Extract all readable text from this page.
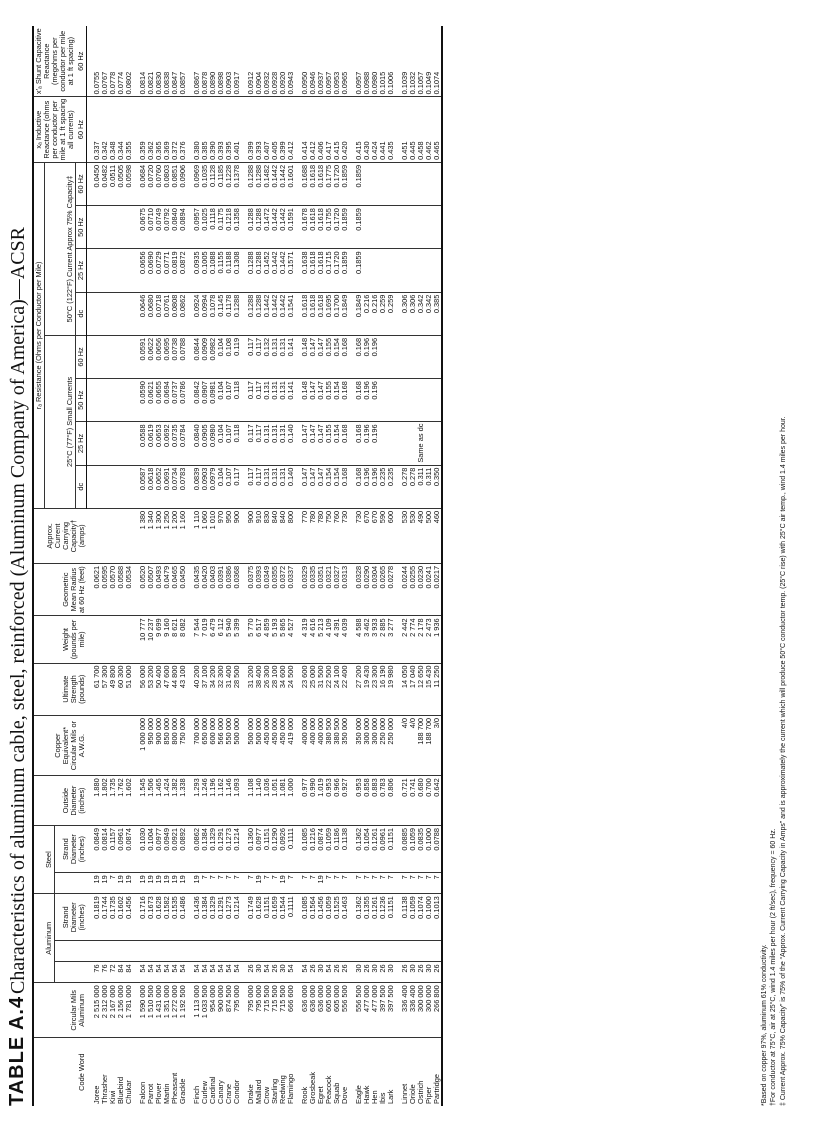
TABLE A.4
Characteristics of aluminum cable, steel, reinforced (Aluminum Company of America)—ACSR
Code Word	Circular Mils Aluminum	Aluminum			Steel		Outside Diameter (inches)	Copper Equivalent* Circular Mils or A.W.G.	Ultimate Strength (pounds)	Weight (pounds per mile)	Geometric Mean Radius at 60 Hz (feet)	Approx. Current Carrying Capacity† (amps)	rₐ Resistance (Ohms per Conductor per Mile)								xₐ Inductive Reactance (ohms per conductor per mile at 1 ft spacing all currents)	x′ₐ Shunt Capacitive Reactance (megohms per conductor per mile at 1 ft spacing)
													25°C (77°F) Small Currents				50°C (122°F) Current Approx 75% Capacity‡					
				Strand Diameter (inches)		Strand Diameter (inches)																
													dc	25 Hz	50 Hz	60 Hz	dc	25 Hz	50 Hz	60 Hz	60 Hz	60 Hz
Joree	2 515 000	76		0.1819	19	0.0849	1.880		61 700		0.0621									0.0450	0.337	0.0755
Thrasher	2 312 000	76		0.1744	19	0.0814	1.802		57 300		0.0595									0.0482	0.342	0.0767
Kiwi	2 167 000	72		0.1735	7	0.1157	1.735		49 800		0.0570									0.0511	0.348	0.0778
Bluebird	2 156 000	84		0.1602	19	0.0961	1.762		60 300		0.0588									0.0505	0.344	0.0774
Chukar	1 781 000	84		0.1456	19	0.0874	1.602		51 000		0.0534									0.0598	0.355	0.0802
Falcon	1 590 000	54		0.1716	19	0.1030	1.545	1 000 000	56 000	10 777	0.0520	1 380	0.0587	0.0588	0.0590	0.0591	0.0646	0.0656	0.0675	0.0684	0.359	0.0814
Parrot	1 510 500	54		0.1673	19	0.1004	1.506	950 000	53 200	10 237	0.0507	1 340	0.0618	0.0619	0.0621	0.0622	0.0680	0.0690	0.0710	0.0720	0.362	0.0821
Plover	1 431 000	54		0.1628	19	0.0977	1.465	900 000	50 400	9 699	0.0493	1 300	0.0652	0.0653	0.0655	0.0656	0.0718	0.0729	0.0749	0.0760	0.365	0.0830
Martin	1 351 000	54		0.1582	19	0.0949	1.424	850 000	47 600	9 160	0.0479	1 250	0.0691	0.0692	0.0694	0.0695	0.0761	0.0771	0.0792	0.0803	0.369	0.0838
Pheasant	1 272 000	54		0.1535	19	0.0921	1.382	800 000	44 800	8 621	0.0465	1 200	0.0734	0.0735	0.0737	0.0738	0.0808	0.0819	0.0840	0.0851	0.372	0.0847
Grackle	1 192 500	54		0.1486	19	0.0892	1.338	750 000	43 100	8 082	0.0450	1 160	0.0783	0.0784	0.0786	0.0788	0.0862	0.0872	0.0894	0.0906	0.376	0.0857
Finch	1 113 000	54		0.1436	19	0.0862	1.293	700 000	40 200	7 544	0.0435	1 110	0.0839	0.0840	0.0842	0.0844	0.0924	0.0935	0.0957	0.0969	0.380	0.0867
Curlew	1 033 500	54		0.1384	7	0.1384	1.246	650 000	37 100	7 019	0.0420	1 060	0.0903	0.0905	0.0907	0.0909	0.0994	0.1005	0.1025	0.1035	0.385	0.0878
Cardinal	954 000	54		0.1329	7	0.1329	1.196	600 000	34 200	6 479	0.0403	1 010	0.0979	0.0980	0.0981	0.0982	0.1078	0.1088	0.1118	0.1128	0.390	0.0890
Canary	900 000	54		0.1291	7	0.1291	1.162	566 000	32 300	6 112	0.0391	970	0.104	0.104	0.104	0.104	0.1145	0.1155	0.1175	0.1185	0.393	0.0898
Crane	874 500	54		0.1273	7	0.1273	1.146	550 000	31 400	5 940	0.0386	950	0.107	0.107	0.107	0.108	0.1178	0.1188	0.1218	0.1228	0.395	0.0903
Condor	795 000	54		0.1214	7	0.1214	1.093	500 000	28 500	5 399	0.0368	900	0.117	0.118	0.118	0.119	0.1288	0.1308	0.1358	0.1378	0.401	0.0917
Drake	795 000	26		0.1749	7	0.1360	1.108	500 000	31 200	5 770	0.0375	900	0.117	0.117	0.117	0.117	0.1288	0.1288	0.1288	0.1288	0.399	0.0912
Mallard	795 000	30		0.1628	19	0.0977	1.140	500 000	38 400	6 517	0.0393	910	0.117	0.117	0.117	0.117	0.1288	0.1288	0.1288	0.1288	0.393	0.0904
Crow	715 500	54		0.1151	7	0.1151	1.036	450 000	26 300	4 859	0.0349	830	0.131	0.131	0.131	0.132	0.1442	0.1452	0.1472	0.1482	0.407	0.0932
Starling	715 500	26		0.1659	7	0.1290	1.051	450 000	28 100	5 193	0.0355	840	0.131	0.131	0.131	0.131	0.1442	0.1442	0.1442	0.1442	0.405	0.0928
Redwing	715 500	30		0.1544	19	0.0926	1.081	450 000	34 600	5 865	0.0372	840	0.131	0.131	0.131	0.131	0.1442	0.1442	0.1442	0.1442	0.399	0.0920
Flamingo	666 600	54		0.1111	7	0.1111	1.000	419 000	24 500	4 527	0.0337	800	0.140	0.140	0.141	0.141	0.1541	0.1571	0.1591	0.1601	0.412	0.0943
Rook	636 000	54		0.1085	7	0.1085	0.977	400 000	23 600	4 319	0.0329	770	0.147	0.147	0.148	0.148	0.1618	0.1638	0.1678	0.1688	0.414	0.0950
Grosbeak	636 000	26		0.1564	7	0.1216	0.990	400 000	25 000	4 616	0.0335	780	0.147	0.147	0.147	0.147	0.1618	0.1618	0.1618	0.1618	0.412	0.0946
Egret	636 000	30		0.1456	19	0.0874	1.019	400 000	31 500	5 213	0.0351	780	0.147	0.147	0.147	0.147	0.1618	0.1618	0.1618	0.1618	0.406	0.0937
Peacock	605 000	54		0.1059	7	0.1059	0.953	380 500	22 500	4 109	0.0321	750	0.154	0.155	0.155	0.155	0.1695	0.1715	0.1755	0.1775	0.417	0.0957
Squab	605 000	26		0.1525	7	0.1186	0.966	380 500	24 100	4 391	0.0327	760	0.154	0.154	0.154	0.154	0.1700	0.1720	0.1720	0.1720	0.415	0.0953
Dove	556 500	26		0.1463	7	0.1138	0.927	350 000	22 400	4 039	0.0313	730	0.168	0.168	0.168	0.168	0.1849	0.1859	0.1859	0.1859	0.420	0.0965
Eagle	556 500	30		0.1362	7	0.1362	0.953	350 000	27 200	4 588	0.0328	730	0.168	0.168	0.168	0.168	0.1849	0.1859	0.1859	0.1859	0.415	0.0957
Hawk	477 000	26		0.1355	7	0.1054	0.858	300 000	19 430	3 462	0.0290	670	0.196	0.196	0.196	0.196	0.216				0.430	0.0988
Hen	477 000	30		0.1261	7	0.1261	0.883	300 000	23 300	3 933	0.0304	670	0.196	0.196	0.196	0.196	0.216				0.424	0.0980
Ibis	397 500	26		0.1236	7	0.0961	0.783	250 000	16 190	2 885	0.0265	590	0.235				0.259				0.441	0.1015
Lark	397 500	30		0.1151	7	0.1151	0.806	250 000	19 980	3 277	0.0278	600	0.235				0.259				0.435	0.1006
Linnet	336 400	26		0.1138	7	0.0885	0.721	4/0	14 050	2 442	0.0244	530	0.278				0.306				0.451	0.1039
Oriole	336 400	30		0.1059	7	0.1059	0.741	4/0	17 040	2 774	0.0255	530	0.278				0.306				0.445	0.1032
Ostrich	300 000	26		0.1074	7	0.0835	0.680	188 700	12 650	2 178	0.0230	490	0.311	Same as dc			0.342				0.458	0.1057
Piper	300 000	30		0.1000	7	0.1000	0.700	188 700	15 430	2 473	0.0241	500	0.311				0.342				0.462	0.1049
Partridge	266 800	26		0.1013	7	0.0788	0.642	3/0	11 250	1 936	0.0217	460	0.350				0.385				0.465	0.1074
*Based on copper 97%, aluminum 61% conductivity. †For conductor at 75°C, air at 25°C, wind 1.4 miles per hour (2 ft/sec), frequency = 60 Hz. ‡ Current Approx. 75% Capacity” is 75% of the “Approx. Current Carrying Capacity in Amps” and is approximately the current which will produce 50°C conductor temp. (25°C rise) with 25°C air temp., wind 1.4 miles per hour.
